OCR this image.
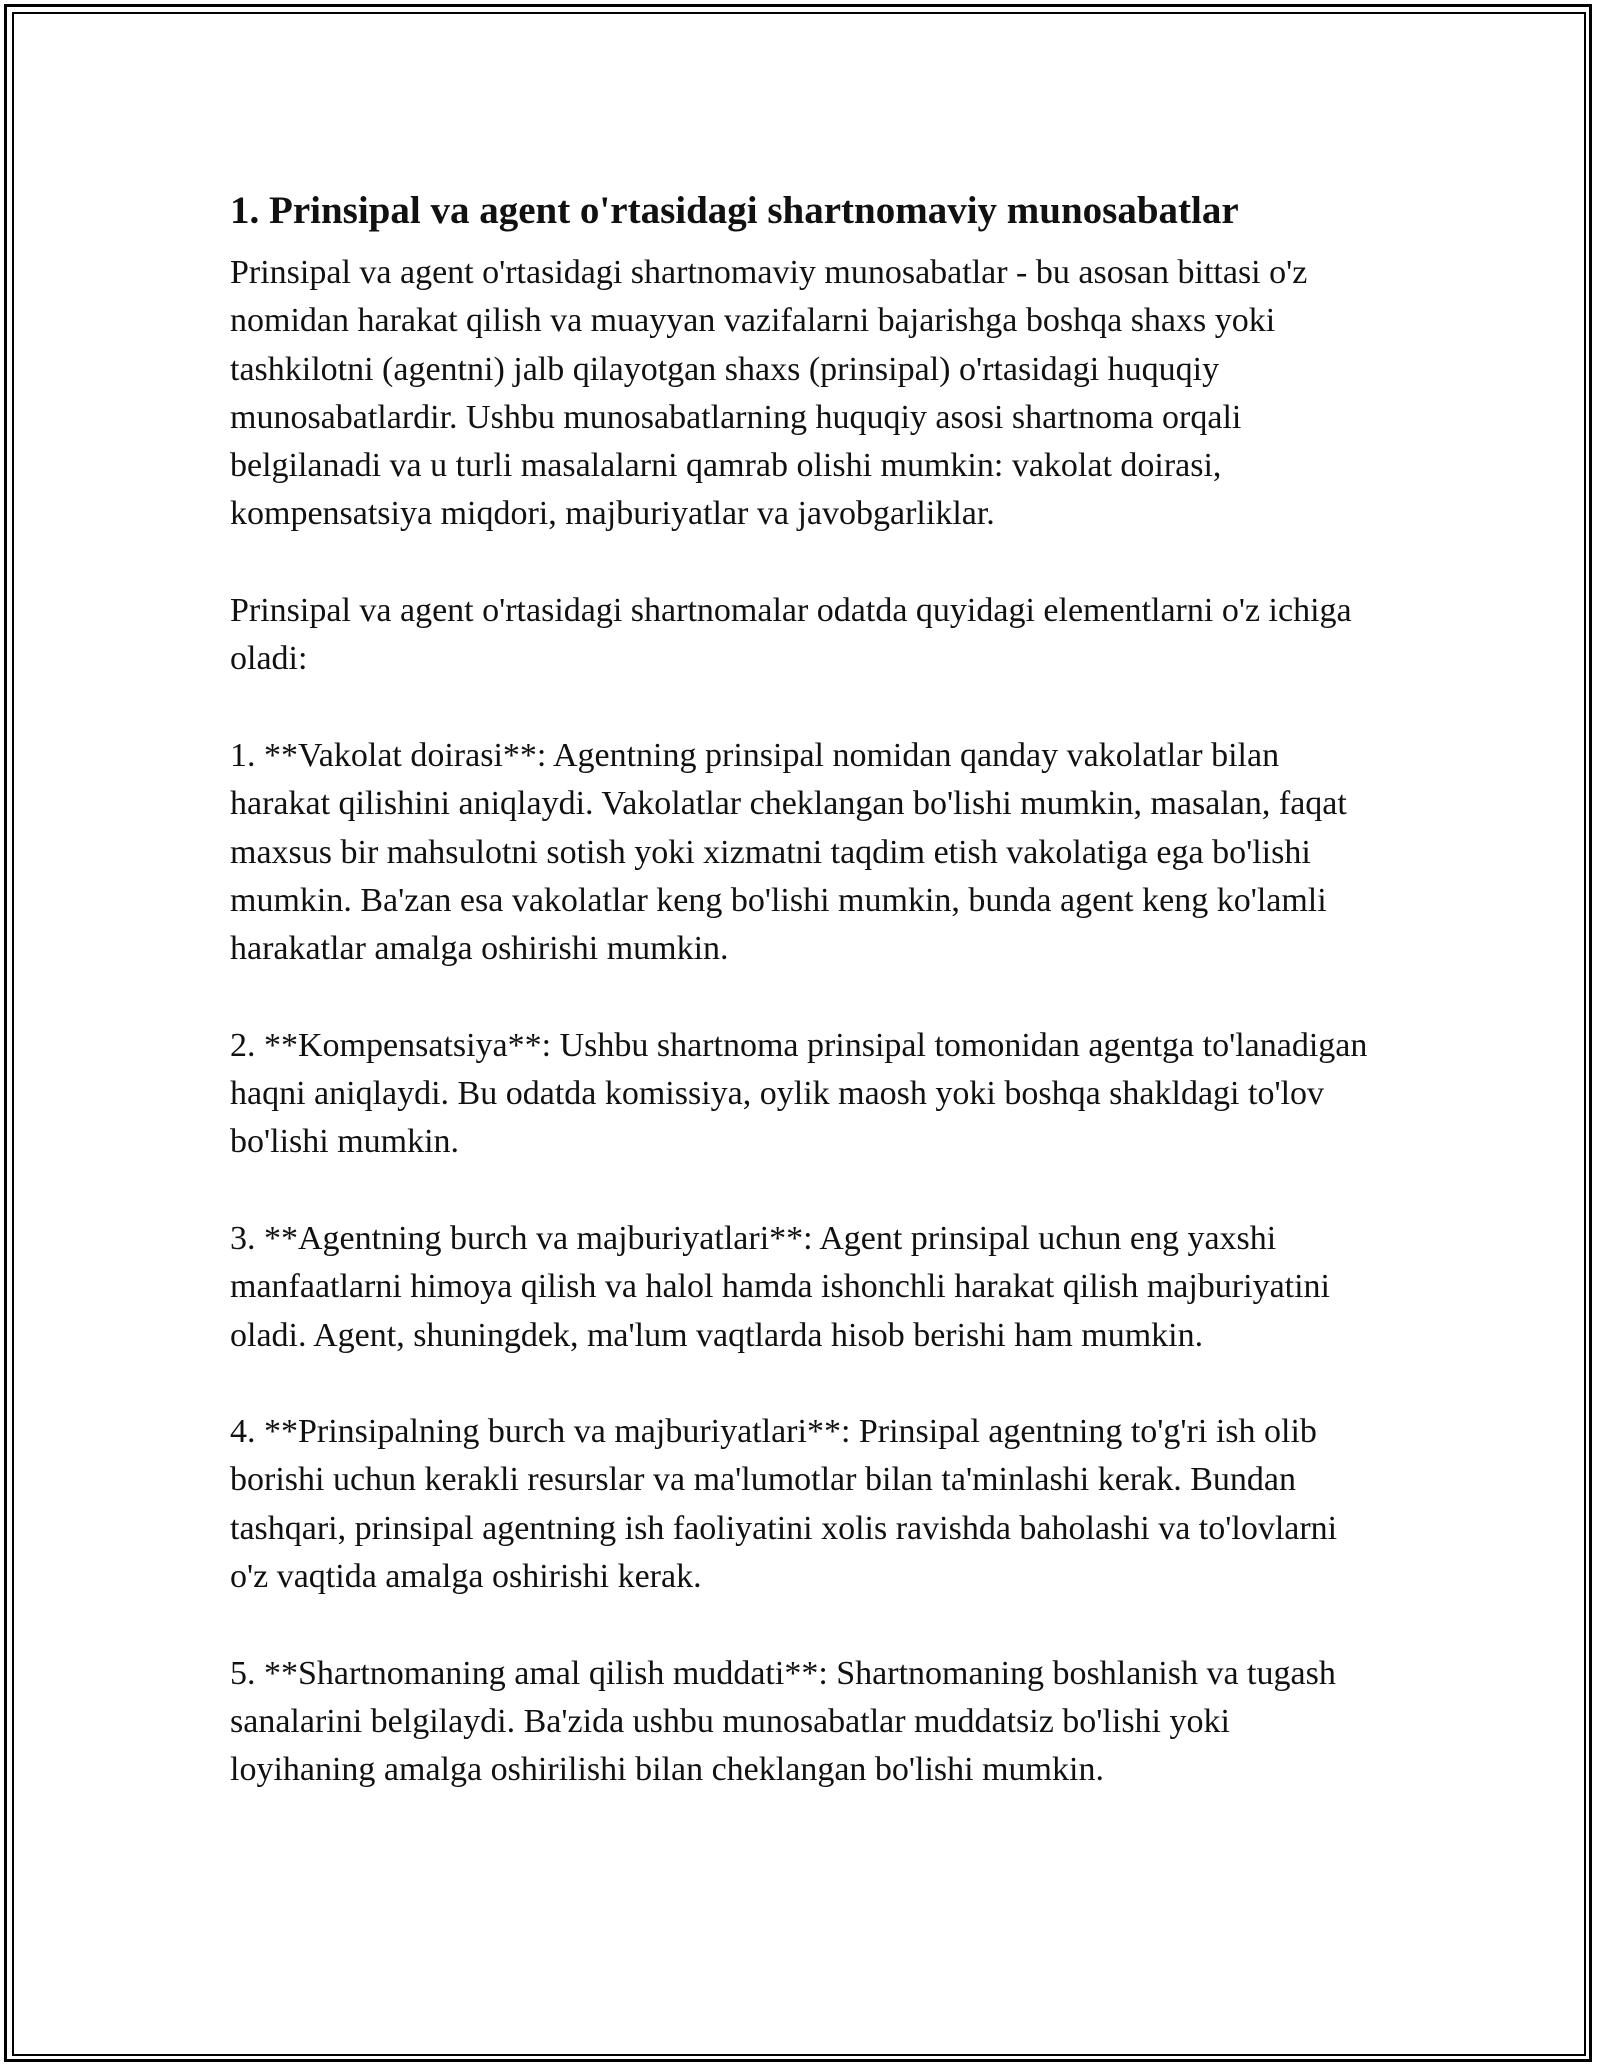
1. Prinsipal va agent o'rtasidagi shartnomaviy munosabatlar

Prinsipal va agent o'rtasidagi shartnomaviy munosabatlar - bu asosan bittasi o'z nomidan harakat qilish va muayyan vazifalarni bajarishga boshqa shaxs yoki tashkilotni (agentni) jalb qilayotgan shaxs (prinsipal) o'rtasidagi huquqiy munosabatlardir. Ushbu munosabatlarning huquqiy asosi shartnoma orqali belgilanadi va u turli masalalarni qamrab olishi mumkin: vakolat doirasi, kompensatsiya miqdori, majburiyatlar va javobgarliklar.

Prinsipal va agent o'rtasidagi shartnomalar odatda quyidagi elementlarni o'z ichiga oladi:

1. **Vakolat doirasi**: Agentning prinsipal nomidan qanday vakolatlar bilan harakat qilishini aniqlaydi. Vakolatlar cheklangan bo'lishi mumkin, masalan, faqat maxsus bir mahsulotni sotish yoki xizmatni taqdim etish vakolatiga ega bo'lishi mumkin. Ba'zan esa vakolatlar keng bo'lishi mumkin, bunda agent keng ko'lamli harakatlar amalga oshirishi mumkin.

2. **Kompensatsiya**: Ushbu shartnoma prinsipal tomonidan agentga to'lanadigan haqni aniqlaydi. Bu odatda komissiya, oylik maosh yoki boshqa shakldagi to'lov bo'lishi mumkin.

3. **Agentning burch va majburiyatlari**: Agent prinsipal uchun eng yaxshi manfaatlarni himoya qilish va halol hamda ishonchli harakat qilish majburiyatini oladi. Agent, shuningdek, ma'lum vaqtlarda hisob berishi ham mumkin.

4. **Prinsipalning burch va majburiyatlari**: Prinsipal agentning to'g'ri ish olib borishi uchun kerakli resurslar va ma'lumotlar bilan ta'minlashi kerak. Bundan tashqari, prinsipal agentning ish faoliyatini xolis ravishda baholashi va to'lovlarni o'z vaqtida amalga oshirishi kerak.

5. **Shartnomaning amal qilish muddati**: Shartnomaning boshlanish va tugash sanalarini belgilaydi. Ba'zida ushbu munosabatlar muddatsiz bo'lishi yoki loyihaning amalga oshirilishi bilan cheklangan bo'lishi mumkin.
